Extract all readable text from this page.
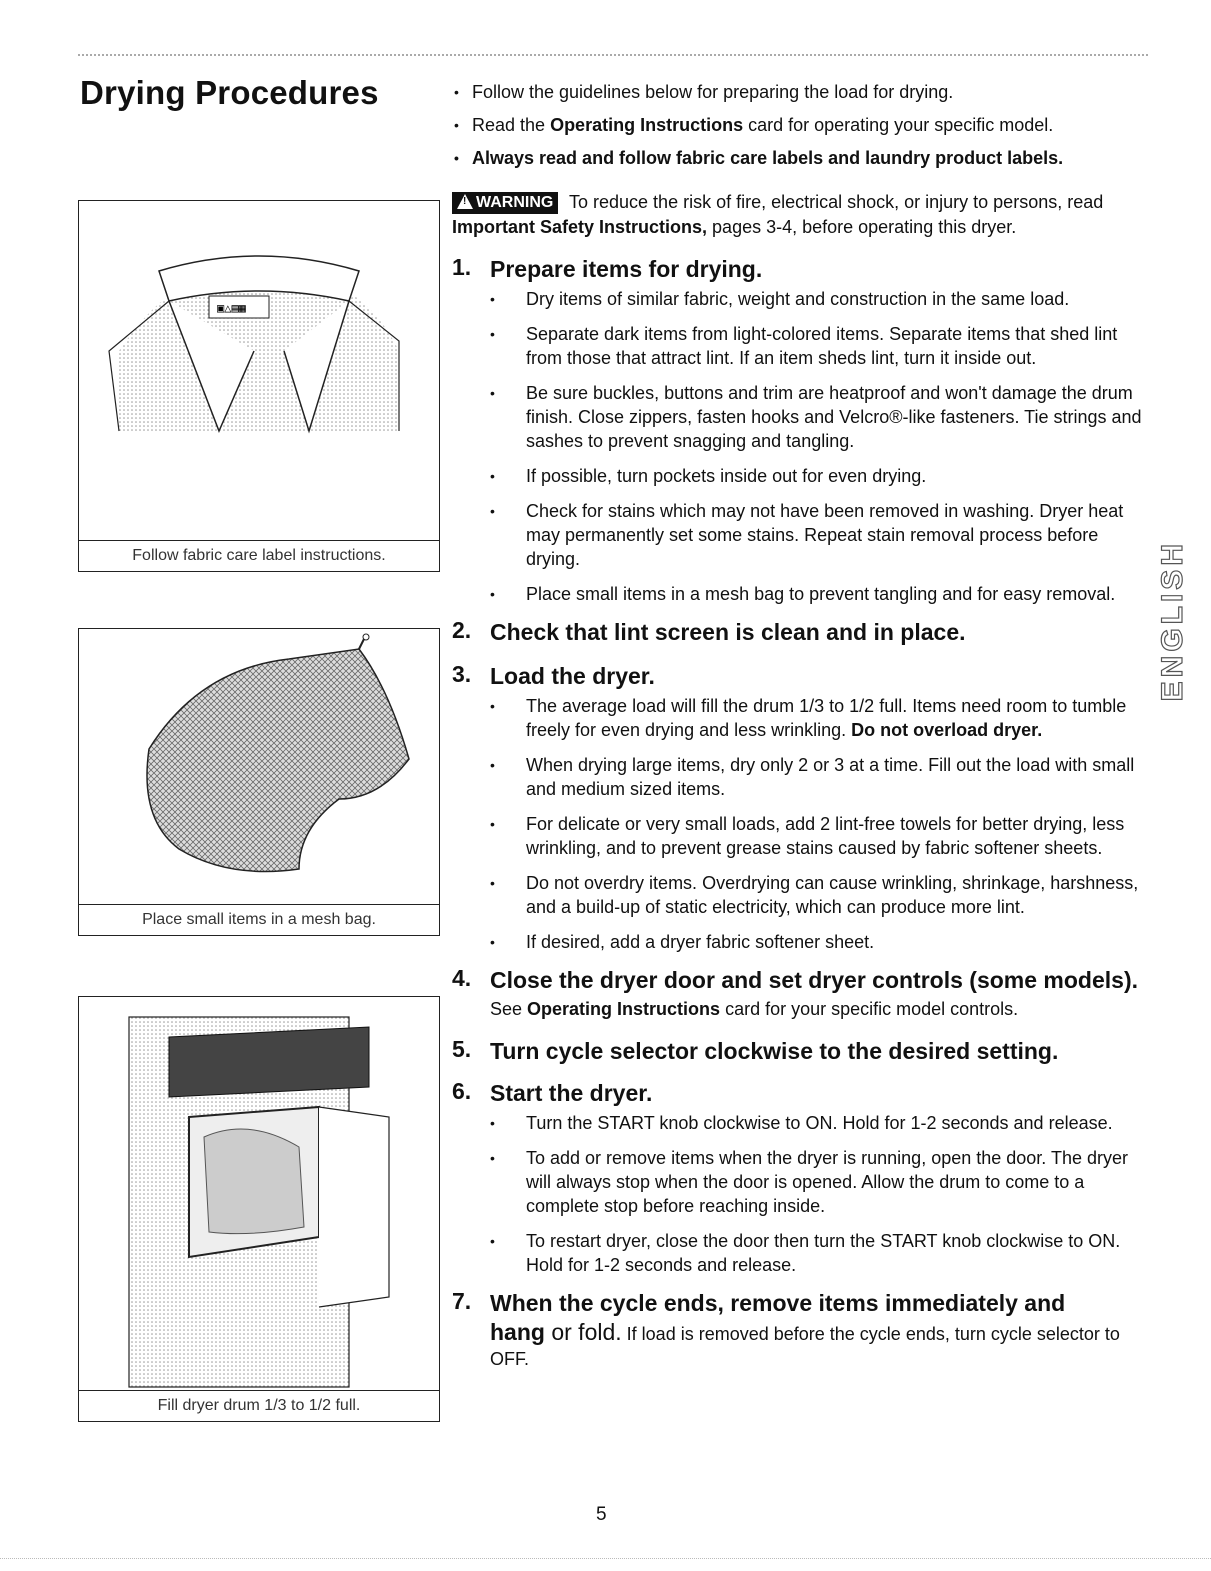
Drying Procedures
▣△▤▦
Follow fabric care label instructions.
Place small items in a mesh bag.
Fill dryer drum 1/3 to 1/2 full.
• Follow the guidelines below for preparing the load for drying.
• Read the Operating Instructions card for operating your specific model.
• Always read and follow fabric care labels and laundry product labels.
! WARNING To reduce the risk of fire, electrical shock, or injury to persons, read Important Safety Instructions, pages 3-4, before operating this dryer.
1. Prepare items for drying.
• Dry items of similar fabric, weight and construction in the same load.
• Separate dark items from light-colored items. Separate items that shed lint from those that attract lint. If an item sheds lint, turn it inside out.
• Be sure buckles, buttons and trim are heatproof and won't damage the drum finish. Close zippers, fasten hooks and Velcro®-like fasteners. Tie strings and sashes to prevent snagging and tangling.
• If possible, turn pockets inside out for even drying.
• Check for stains which may not have been removed in washing. Dryer heat may permanently set some stains. Repeat stain removal process before drying.
• Place small items in a mesh bag to prevent tangling and for easy removal.
2. Check that lint screen is clean and in place.
3. Load the dryer.
• The average load will fill the drum 1/3 to 1/2 full. Items need room to tumble freely for even drying and less wrinkling. Do not overload dryer.
• When drying large items, dry only 2 or 3 at a time. Fill out the load with small and medium sized items.
• For delicate or very small loads, add 2 lint-free towels for better drying, less wrinkling, and to prevent grease stains caused by fabric softener sheets.
• Do not overdry items. Overdrying can cause wrinkling, shrinkage, harshness, and a build-up of static electricity, which can produce more lint.
• If desired, add a dryer fabric softener sheet.
4. Close the dryer door and set dryer controls (some models).
See Operating Instructions card for your specific model controls.
5. Turn cycle selector clockwise to the desired setting.
6. Start the dryer.
• Turn the START knob clockwise to ON. Hold for 1-2 seconds and release.
• To add or remove items when the dryer is running, open the door. The dryer will always stop when the door is opened. Allow the drum to come to a complete stop before reaching inside.
• To restart dryer, close the door then turn the START knob clockwise to ON. Hold for 1-2 seconds and release.
7. When the cycle ends, remove items immediately and
hang or fold. If load is removed before the cycle ends, turn cycle selector to OFF.
ENGLISH
5
